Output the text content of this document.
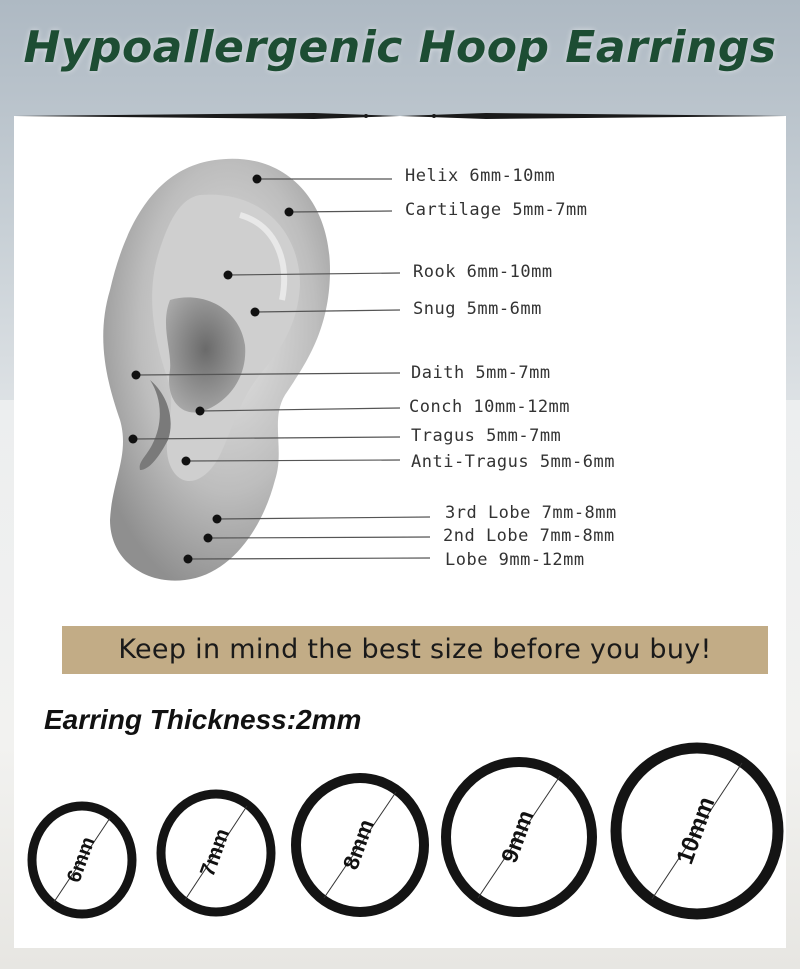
Hypoallergenic Hoop Earrings
Helix 6mm-10mm
Cartilage 5mm-7mm
Rook 6mm-10mm
Snug 5mm-6mm
Daith 5mm-7mm
Conch 10mm-12mm
Tragus 5mm-7mm
Anti-Tragus 5mm-6mm
3rd Lobe 7mm-8mm
2nd Lobe 7mm-8mm
Lobe 9mm-12mm
Keep in mind the best size before you buy!
Earring Thickness:2mm
6mm	7mm	8mm	9mm	10mm
